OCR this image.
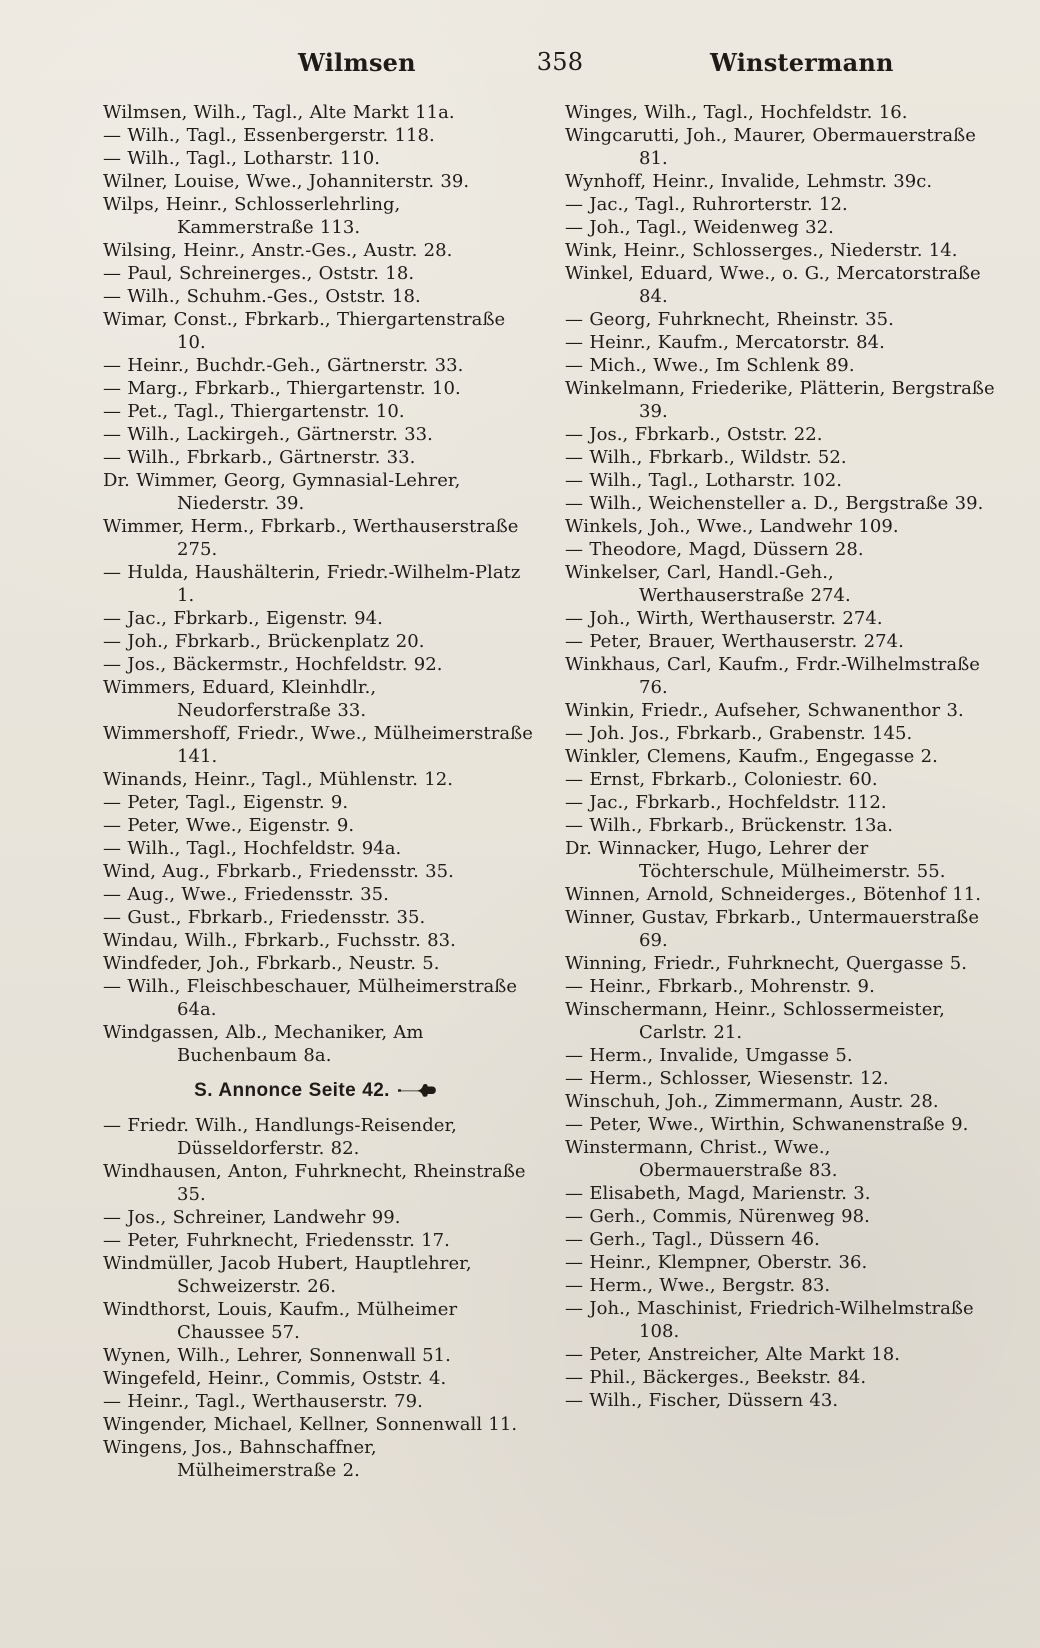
Wilmsen	358	Winstermann

Wilmsen, Wilh., Tagl., Alte Markt 11a.

— Wilh., Tagl., Essenbergerstr. 118.

— Wilh., Tagl., Lotharstr. 110.

Wilner, Louise, Wwe., Johanniterstr. 39.

Wilps, Heinr., Schlosserlehrling, Kammerstraße 113.

Wilsing, Heinr., Anstr.-Ges., Austr. 28.

— Paul, Schreinerges., Oststr. 18.

— Wilh., Schuhm.-Ges., Oststr. 18.

Wimar, Const., Fbrkarb., Thiergartenstraße 10.

— Heinr., Buchdr.-Geh., Gärtnerstr. 33.

— Marg., Fbrkarb., Thiergartenstr. 10.

— Pet., Tagl., Thiergartenstr. 10.

— Wilh., Lackirgeh., Gärtnerstr. 33.

— Wilh., Fbrkarb., Gärtnerstr. 33.

Dr. Wimmer, Georg, Gymnasial-Lehrer, Niederstr. 39.

Wimmer, Herm., Fbrkarb., Werthauserstraße 275.

— Hulda, Haushälterin, Friedr.-Wilhelm-Platz 1.

— Jac., Fbrkarb., Eigenstr. 94.

— Joh., Fbrkarb., Brückenplatz 20.

— Jos., Bäckermstr., Hochfeldstr. 92.

Wimmers, Eduard, Kleinhdlr., Neudorferstraße 33.

Wimmershoff, Friedr., Wwe., Mülheimerstraße 141.

Winands, Heinr., Tagl., Mühlenstr. 12.

— Peter, Tagl., Eigenstr. 9.

— Peter, Wwe., Eigenstr. 9.

— Wilh., Tagl., Hochfeldstr. 94a.

Wind, Aug., Fbrkarb., Friedensstr. 35.

— Aug., Wwe., Friedensstr. 35.

— Gust., Fbrkarb., Friedensstr. 35.

Windau, Wilh., Fbrkarb., Fuchsstr. 83.

Windfeder, Joh., Fbrkarb., Neustr. 5.

— Wilh., Fleischbeschauer, Mülheimerstraße 64a.

Windgassen, Alb., Mechaniker, Am Buchenbaum 8a.

S. Annonce Seite 42.

— Friedr. Wilh., Handlungs-Reisender, Düsseldorferstr. 82.

Windhausen, Anton, Fuhrknecht, Rheinstraße 35.

— Jos., Schreiner, Landwehr 99.

— Peter, Fuhrknecht, Friedensstr. 17.

Windmüller, Jacob Hubert, Hauptlehrer, Schweizerstr. 26.

Windthorst, Louis, Kaufm., Mülheimer Chaussee 57.

Wynen, Wilh., Lehrer, Sonnenwall 51.

Wingefeld, Heinr., Commis, Oststr. 4.

— Heinr., Tagl., Werthauserstr. 79.

Wingender, Michael, Kellner, Sonnenwall 11.

Wingens, Jos., Bahnschaffner, Mülheimerstraße 2.

Winges, Wilh., Tagl., Hochfeldstr. 16.

Wingcarutti, Joh., Maurer, Obermauerstraße 81.

Wynhoff, Heinr., Invalide, Lehmstr. 39c.

— Jac., Tagl., Ruhrorterstr. 12.

— Joh., Tagl., Weidenweg 32.

Wink, Heinr., Schlosserges., Niederstr. 14.

Winkel, Eduard, Wwe., o. G., Mercatorstraße 84.

— Georg, Fuhrknecht, Rheinstr. 35.

— Heinr., Kaufm., Mercatorstr. 84.

— Mich., Wwe., Im Schlenk 89.

Winkelmann, Friederike, Plätterin, Bergstraße 39.

— Jos., Fbrkarb., Oststr. 22.

— Wilh., Fbrkarb., Wildstr. 52.

— Wilh., Tagl., Lotharstr. 102.

— Wilh., Weichensteller a. D., Bergstraße 39.

Winkels, Joh., Wwe., Landwehr 109.

— Theodore, Magd, Düssern 28.

Winkelser, Carl, Handl.-Geh., Werthauserstraße 274.

— Joh., Wirth, Werthauserstr. 274.

— Peter, Brauer, Werthauserstr. 274.

Winkhaus, Carl, Kaufm., Frdr.-Wilhelmstraße 76.

Winkin, Friedr., Aufseher, Schwanenthor 3.

— Joh. Jos., Fbrkarb., Grabenstr. 145.

Winkler, Clemens, Kaufm., Engegasse 2.

— Ernst, Fbrkarb., Coloniestr. 60.

— Jac., Fbrkarb., Hochfeldstr. 112.

— Wilh., Fbrkarb., Brückenstr. 13a.

Dr. Winnacker, Hugo, Lehrer der Töchterschule, Mülheimerstr. 55.

Winnen, Arnold, Schneiderges., Bötenhof 11.

Winner, Gustav, Fbrkarb., Untermauerstraße 69.

Winning, Friedr., Fuhrknecht, Quergasse 5.

— Heinr., Fbrkarb., Mohrenstr. 9.

Winschermann, Heinr., Schlossermeister, Carlstr. 21.

— Herm., Invalide, Umgasse 5.

— Herm., Schlosser, Wiesenstr. 12.

Winschuh, Joh., Zimmermann, Austr. 28.

— Peter, Wwe., Wirthin, Schwanenstraße 9.

Winstermann, Christ., Wwe., Obermauerstraße 83.

— Elisabeth, Magd, Marienstr. 3.

— Gerh., Commis, Nürenweg 98.

— Gerh., Tagl., Düssern 46.

— Heinr., Klempner, Oberstr. 36.

— Herm., Wwe., Bergstr. 83.

— Joh., Maschinist, Friedrich-Wilhelmstraße 108.

— Peter, Anstreicher, Alte Markt 18.

— Phil., Bäckerges., Beekstr. 84.

— Wilh., Fischer, Düssern 43.
